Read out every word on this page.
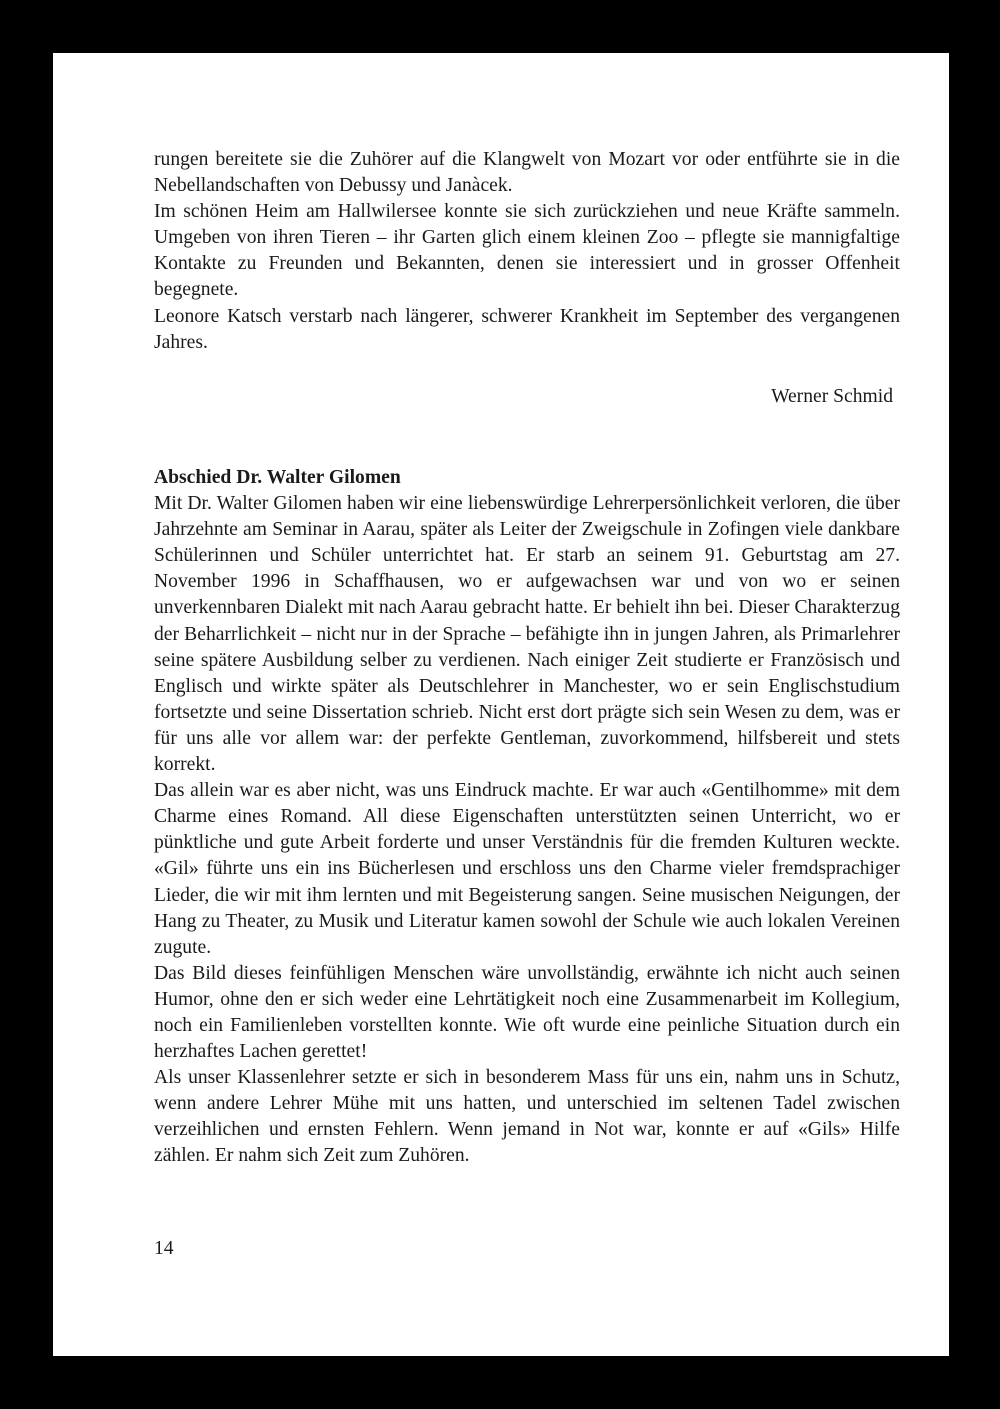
rungen bereitete sie die Zuhörer auf die Klangwelt von Mozart vor oder entführte sie in die Nebellandschaften von Debussy und Janàcek.

Im schönen Heim am Hallwilersee konnte sie sich zurückziehen und neue Kräfte sammeln. Umgeben von ihren Tieren – ihr Garten glich einem kleinen Zoo – pflegte sie mannigfaltige Kontakte zu Freunden und Bekannten, denen sie interessiert und in grosser Offenheit begegnete.

Leonore Katsch verstarb nach längerer, schwerer Krankheit im September des vergangenen Jahres.

Werner Schmid

Abschied Dr. Walter Gilomen

Mit Dr. Walter Gilomen haben wir eine liebenswürdige Lehrerpersönlichkeit verloren, die über Jahrzehnte am Seminar in Aarau, später als Leiter der Zweigschule in Zofingen viele dankbare Schülerinnen und Schüler unterrichtet hat. Er starb an seinem 91. Geburtstag am 27. November 1996 in Schaffhausen, wo er aufgewachsen war und von wo er seinen unverkennbaren Dialekt mit nach Aarau gebracht hatte. Er behielt ihn bei. Dieser Charakterzug der Beharrlichkeit – nicht nur in der Sprache – befähigte ihn in jungen Jahren, als Primarlehrer seine spätere Ausbildung selber zu verdienen. Nach einiger Zeit studierte er Französisch und Englisch und wirkte später als Deutschlehrer in Manchester, wo er sein Englischstudium fortsetzte und seine Dissertation schrieb. Nicht erst dort prägte sich sein Wesen zu dem, was er für uns alle vor allem war: der perfekte Gentleman, zuvorkommend, hilfsbereit und stets korrekt.

Das allein war es aber nicht, was uns Eindruck machte. Er war auch «Gentilhomme» mit dem Charme eines Romand. All diese Eigenschaften unterstützten seinen Unterricht, wo er pünktliche und gute Arbeit forderte und unser Verständnis für die fremden Kulturen weckte. «Gil» führte uns ein ins Bücherlesen und erschloss uns den Charme vieler fremdsprachiger Lieder, die wir mit ihm lernten und mit Begeisterung sangen. Seine musischen Neigungen, der Hang zu Theater, zu Musik und Literatur kamen sowohl der Schule wie auch lokalen Vereinen zugute.

Das Bild dieses feinfühligen Menschen wäre unvollständig, erwähnte ich nicht auch seinen Humor, ohne den er sich weder eine Lehrtätigkeit noch eine Zusammenarbeit im Kollegium, noch ein Familienleben vorstellten konnte. Wie oft wurde eine peinliche Situation durch ein herzhaftes Lachen gerettet!

Als unser Klassenlehrer setzte er sich in besonderem Mass für uns ein, nahm uns in Schutz, wenn andere Lehrer Mühe mit uns hatten, und unterschied im seltenen Tadel zwischen verzeihlichen und ernsten Fehlern. Wenn jemand in Not war, konnte er auf «Gils» Hilfe zählen. Er nahm sich Zeit zum Zuhören.

14
